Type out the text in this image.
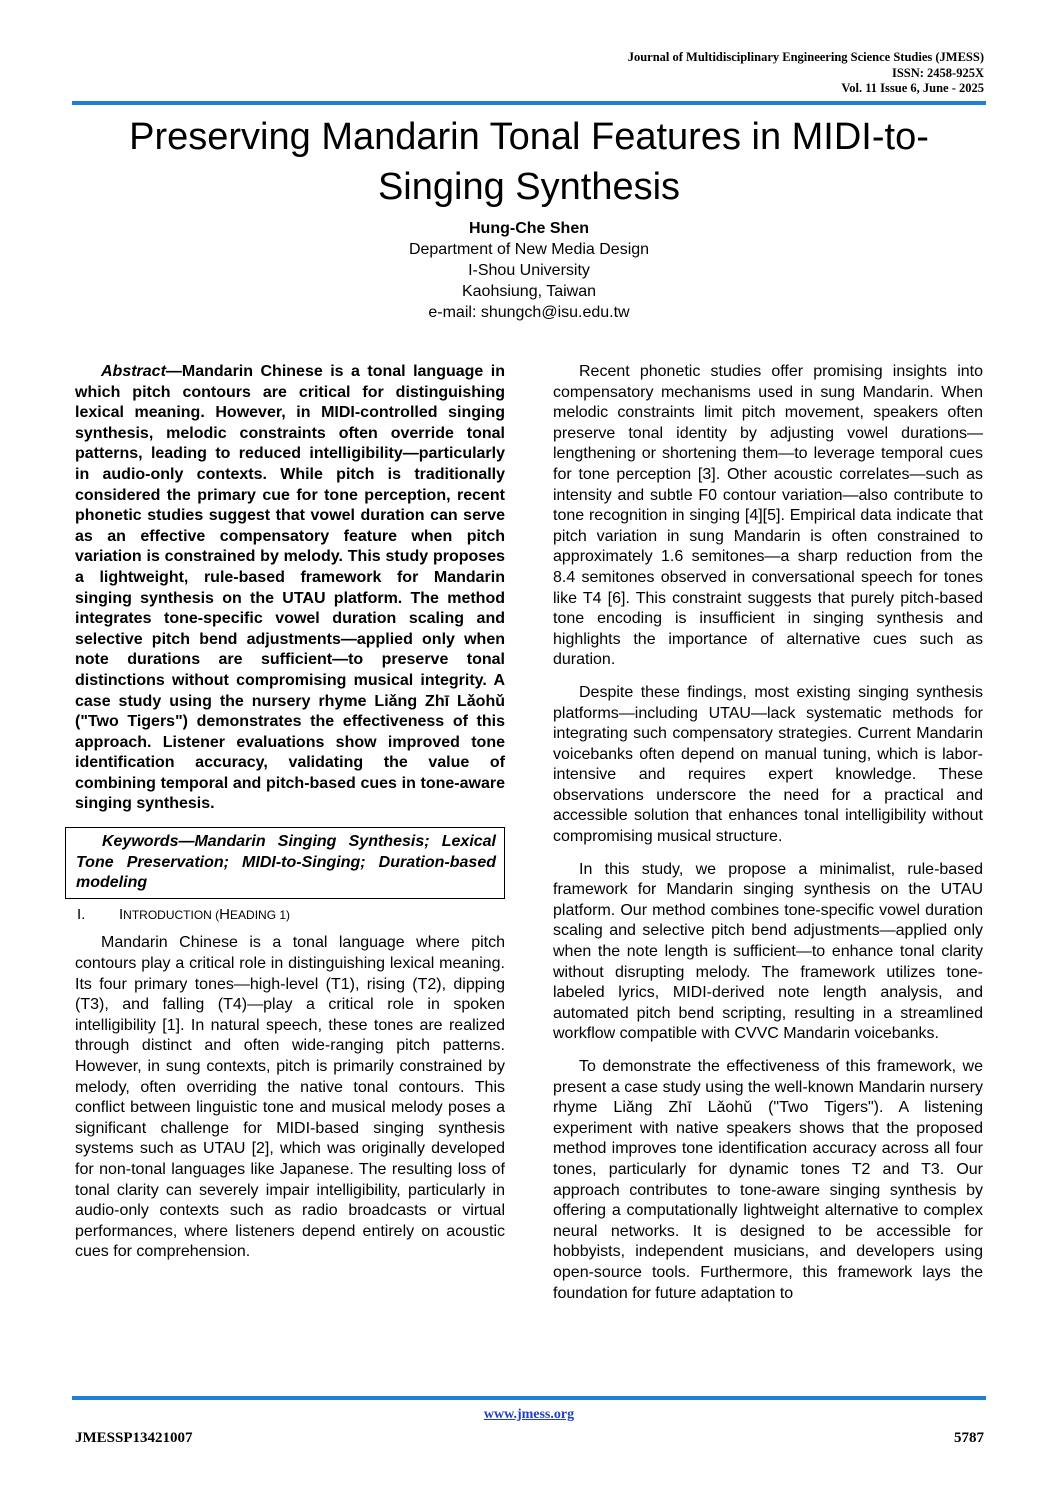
Journal of Multidisciplinary Engineering Science Studies (JMESS)
ISSN: 2458-925X
Vol. 11 Issue 6, June - 2025
Preserving Mandarin Tonal Features in MIDI-to-Singing Synthesis
Hung-Che Shen
Department of New Media Design
I-Shou University
Kaohsiung, Taiwan
e-mail: shungch@isu.edu.tw

Abstract—Mandarin Chinese is a tonal language in which pitch contours are critical for distinguishing lexical meaning. However, in MIDI-controlled singing synthesis, melodic constraints often override tonal patterns, leading to reduced intelligibility—particularly in audio-only contexts. While pitch is traditionally considered the primary cue for tone perception, recent phonetic studies suggest that vowel duration can serve as an effective compensatory feature when pitch variation is constrained by melody. This study proposes a lightweight, rule-based framework for Mandarin singing synthesis on the UTAU platform. The method integrates tone-specific vowel duration scaling and selective pitch bend adjustments—applied only when note durations are sufficient—to preserve tonal distinctions without compromising musical integrity. A case study using the nursery rhyme Liǎng Zhī Lǎohǔ ("Two Tigers") demonstrates the effectiveness of this approach. Listener evaluations show improved tone identification accuracy, validating the value of combining temporal and pitch-based cues in tone-aware singing synthesis.

Keywords—Mandarin Singing Synthesis; Lexical Tone Preservation; MIDI-to-Singing; Duration-based modeling
I. INTRODUCTION (HEADING 1)

Mandarin Chinese is a tonal language where pitch contours play a critical role in distinguishing lexical meaning. Its four primary tones—high-level (T1), rising (T2), dipping (T3), and falling (T4)—play a critical role in spoken intelligibility [1]. In natural speech, these tones are realized through distinct and often wide-ranging pitch patterns. However, in sung contexts, pitch is primarily constrained by melody, often overriding the native tonal contours. This conflict between linguistic tone and musical melody poses a significant challenge for MIDI-based singing synthesis systems such as UTAU [2], which was originally developed for non-tonal languages like Japanese. The resulting loss of tonal clarity can severely impair intelligibility, particularly in audio-only contexts such as radio broadcasts or virtual performances, where listeners depend entirely on acoustic cues for comprehension.

Recent phonetic studies offer promising insights into compensatory mechanisms used in sung Mandarin. When melodic constraints limit pitch movement, speakers often preserve tonal identity by adjusting vowel durations—lengthening or shortening them—to leverage temporal cues for tone perception [3]. Other acoustic correlates—such as intensity and subtle F0 contour variation—also contribute to tone recognition in singing [4][5]. Empirical data indicate that pitch variation in sung Mandarin is often constrained to approximately 1.6 semitones—a sharp reduction from the 8.4 semitones observed in conversational speech for tones like T4 [6]. This constraint suggests that purely pitch-based tone encoding is insufficient in singing synthesis and highlights the importance of alternative cues such as duration.

Despite these findings, most existing singing synthesis platforms—including UTAU—lack systematic methods for integrating such compensatory strategies. Current Mandarin voicebanks often depend on manual tuning, which is labor-intensive and requires expert knowledge. These observations underscore the need for a practical and accessible solution that enhances tonal intelligibility without compromising musical structure.

In this study, we propose a minimalist, rule-based framework for Mandarin singing synthesis on the UTAU platform. Our method combines tone-specific vowel duration scaling and selective pitch bend adjustments—applied only when the note length is sufficient—to enhance tonal clarity without disrupting melody. The framework utilizes tone-labeled lyrics, MIDI-derived note length analysis, and automated pitch bend scripting, resulting in a streamlined workflow compatible with CVVC Mandarin voicebanks.

To demonstrate the effectiveness of this framework, we present a case study using the well-known Mandarin nursery rhyme Liǎng Zhī Lǎohǔ ("Two Tigers"). A listening experiment with native speakers shows that the proposed method improves tone identification accuracy across all four tones, particularly for dynamic tones T2 and T3. Our approach contributes to tone-aware singing synthesis by offering a computationally lightweight alternative to complex neural networks. It is designed to be accessible for hobbyists, independent musicians, and developers using open-source tools. Furthermore, this framework lays the foundation for future adaptation to

www.jmess.org
JMESSP13421007	5787
